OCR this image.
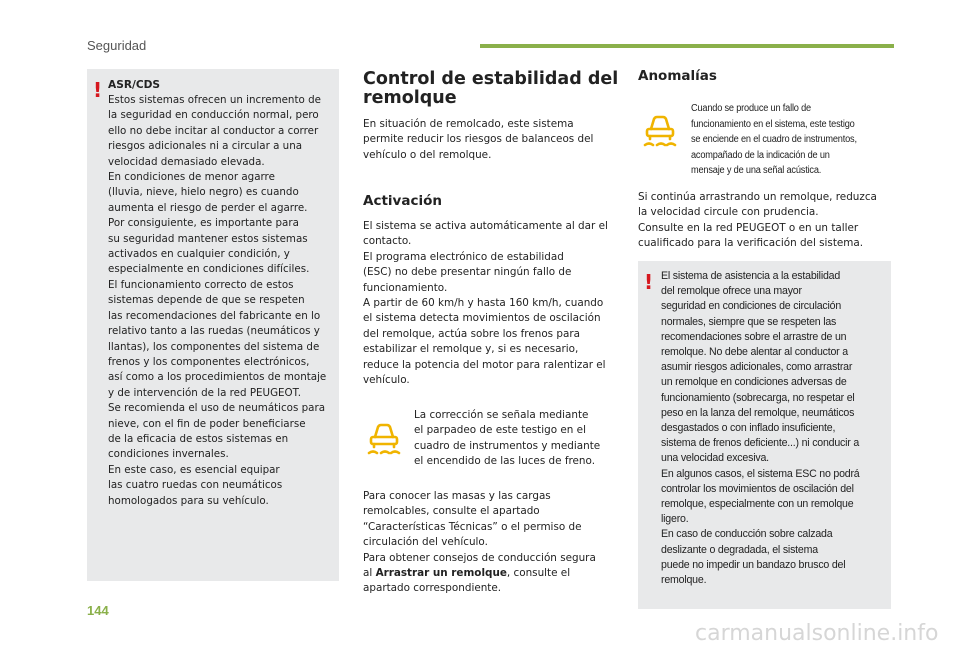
Seguridad
! ASR/CDS
Estos sistemas ofrecen un incremento de
la seguridad en conducción normal, pero
ello no debe incitar al conductor a correr
riesgos adicionales ni a circular a una
velocidad demasiado elevada.
En condiciones de menor agarre
(lluvia, nieve, hielo negro) es cuando
aumenta el riesgo de perder el agarre.
Por consiguiente, es importante para
su seguridad mantener estos sistemas
activados en cualquier condición, y
especialmente en condiciones difíciles.
El funcionamiento correcto de estos
sistemas depende de que se respeten
las recomendaciones del fabricante en lo
relativo tanto a las ruedas (neumáticos y
llantas), los componentes del sistema de
frenos y los componentes electrónicos,
así como a los procedimientos de montaje
y de intervención de la red PEUGEOT.
Se recomienda el uso de neumáticos para
nieve, con el fin de poder beneficiarse
de la eficacia de estos sistemas en
condiciones invernales.
En este caso, es esencial equipar
las cuatro ruedas con neumáticos
homologados para su vehículo.
Control de estabilidad del
remolque
En situación de remolcado, este sistema
permite reducir los riesgos de balanceos del
vehículo o del remolque.
Activación
El sistema se activa automáticamente al dar el
contacto.
El programa electrónico de estabilidad
(ESC) no debe presentar ningún fallo de
funcionamiento.
A partir de 60 km/h y hasta 160 km/h, cuando
el sistema detecta movimientos de oscilación
del remolque, actúa sobre los frenos para
estabilizar el remolque y, si es necesario,
reduce la potencia del motor para ralentizar el
vehículo.
La corrección se señala mediante
el parpadeo de este testigo en el
cuadro de instrumentos y mediante
el encendido de las luces de freno.
Para conocer las masas y las cargas
remolcables, consulte el apartado
“Características Técnicas” o el permiso de
circulación del vehículo.
Para obtener consejos de conducción segura
al Arrastrar un remolque, consulte el
apartado correspondiente.
Anomalías
Cuando se produce un fallo de
funcionamiento en el sistema, este testigo
se enciende en el cuadro de instrumentos,
acompañado de la indicación de un
mensaje y de una señal acústica.
Si continúa arrastrando un remolque, reduzca
la velocidad circule con prudencia.
Consulte en la red PEUGEOT o en un taller
cualificado para la verificación del sistema.
! El sistema de asistencia a la estabilidad
del remolque ofrece una mayor
seguridad en condiciones de circulación
normales, siempre que se respeten las
recomendaciones sobre el arrastre de un
remolque. No debe alentar al conductor a
asumir riesgos adicionales, como arrastrar
un remolque en condiciones adversas de
funcionamiento (sobrecarga, no respetar el
peso en la lanza del remolque, neumáticos
desgastados o con inflado insuficiente,
sistema de frenos deficiente...) ni conducir a
una velocidad excesiva.
En algunos casos, el sistema ESC no podrá
controlar los movimientos de oscilación del
remolque, especialmente con un remolque
ligero.
En caso de conducción sobre calzada
deslizante o degradada, el sistema
puede no impedir un bandazo brusco del
remolque.
144
carmanualsonline.info
